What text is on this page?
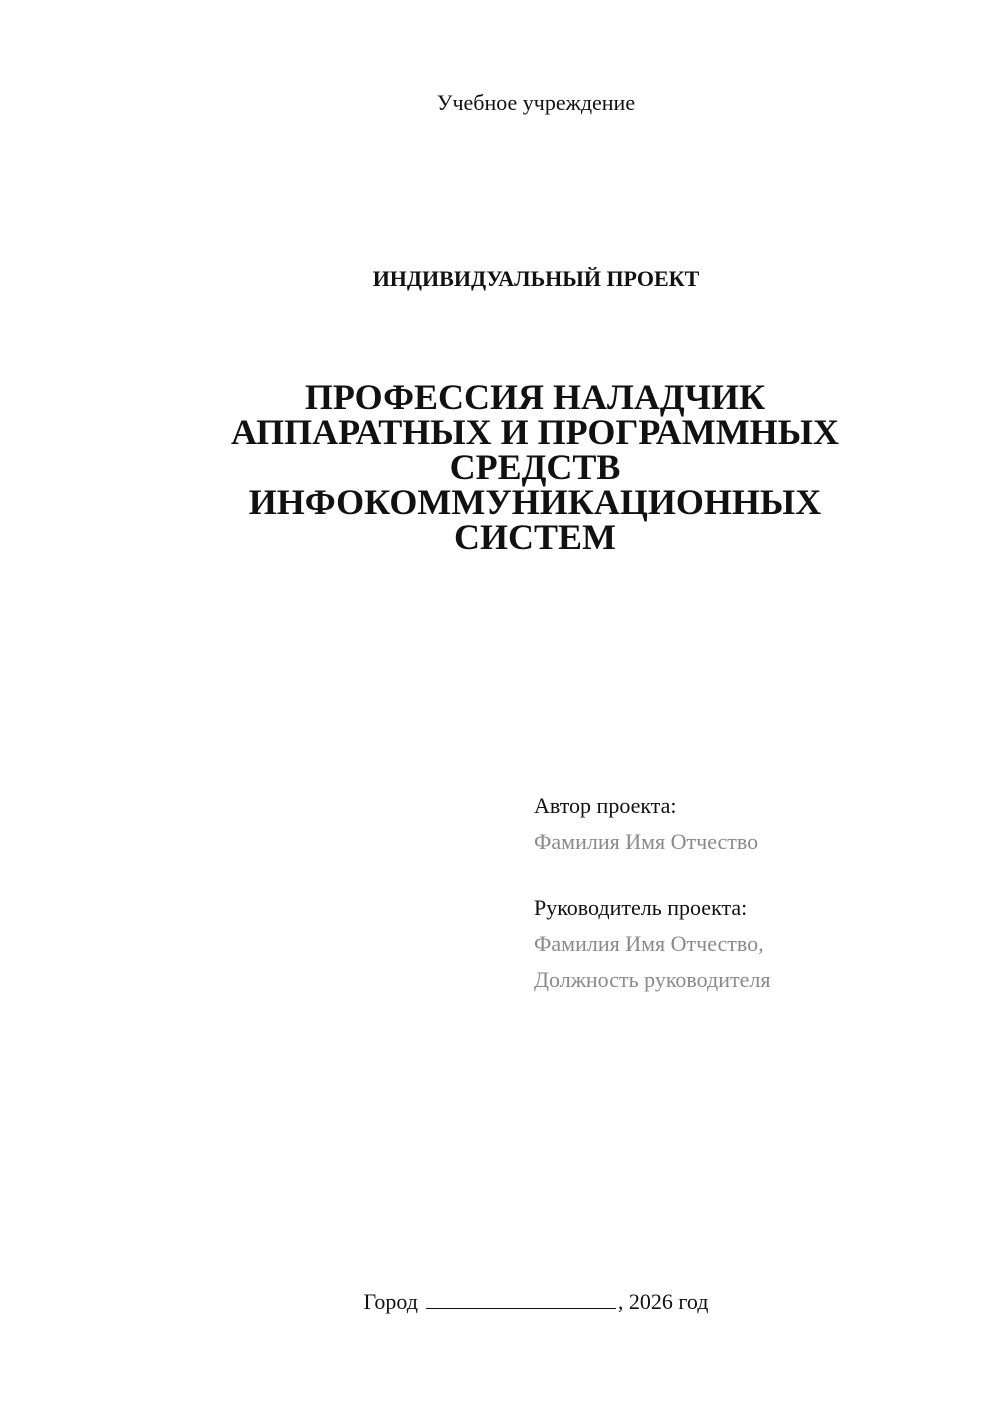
Учебное учреждение
ИНДИВИДУАЛЬНЫЙ ПРОЕКТ
ПРОФЕССИЯ НАЛАДЧИК
АППАРАТНЫХ И ПРОГРАММНЫХ
СРЕДСТВ
ИНФОКОММУНИКАЦИОННЫХ
СИСТЕМ
Автор проекта:
Фамилия Имя Отчество
Руководитель проекта:
Фамилия Имя Отчество,
Должность руководителя
Город	, 2026 год
